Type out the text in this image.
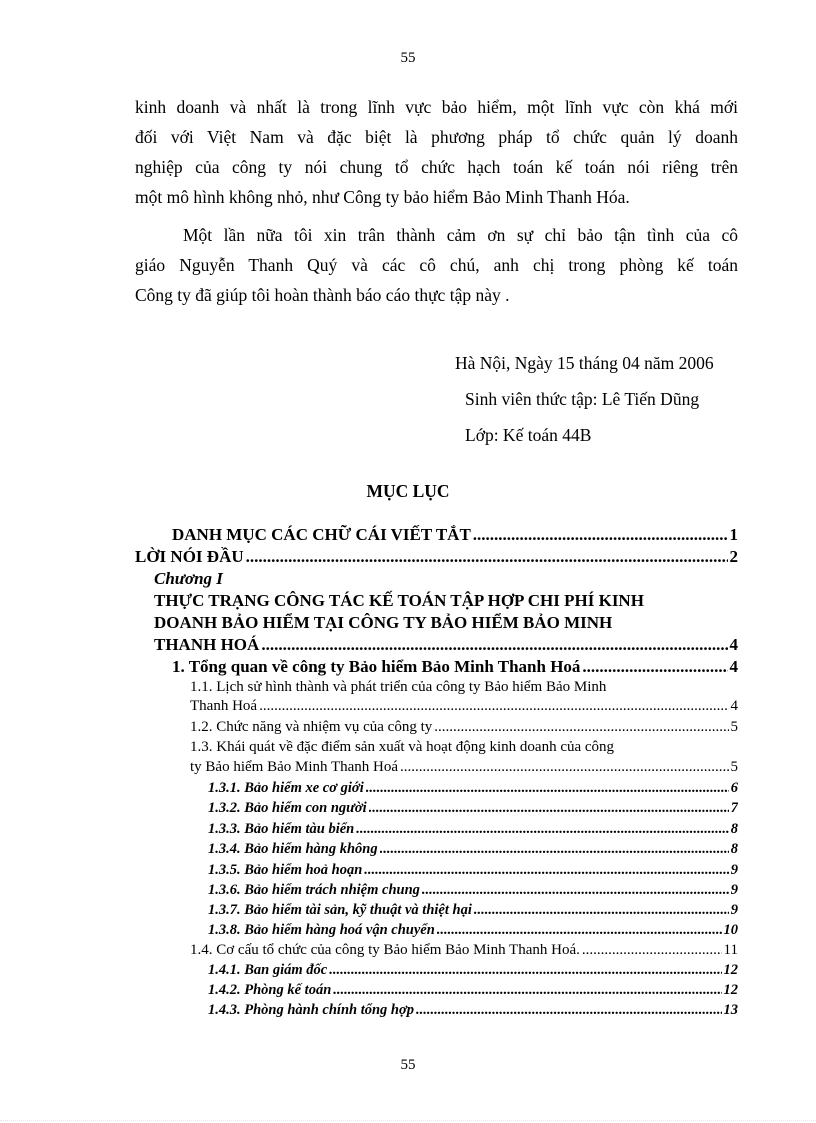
55
kinh doanh và nhất là trong lĩnh vực bảo hiểm, một lĩnh vực còn khá mới
đối với Việt Nam và đặc biệt là phương pháp tổ chức quản lý doanh
nghiệp của công ty nói chung tổ chức hạch toán kế toán nói riêng trên
một mô hình không nhỏ, như Công ty bảo hiểm Bảo Minh Thanh Hóa.
Một lần nữa tôi xin trân thành cảm ơn sự chỉ bảo tận tình của cô
giáo Nguyễn Thanh Quý và các cô chú, anh chị trong phòng kế toán
Công ty đã giúp tôi hoàn thành báo cáo thực tập này .
Hà Nội, Ngày 15 tháng 04 năm 2006
Sinh viên thức tập: Lê Tiến Dũng
Lớp: Kế toán 44B
MỤC LỤC
DANH MỤC CÁC CHỮ CÁI VIẾT TẮT .....	1
LỜI NÓI ĐẦU .....	2
Chương I
THỰC TRẠNG CÔNG TÁC KẾ TOÁN TẬP HỢP CHI PHÍ KINH
DOANH BẢO HIỂM TẠI CÔNG TY BẢO HIỂM BẢO MINH
THANH HOÁ .....	4
1. Tổng quan về công ty Bảo hiểm Bảo Minh Thanh Hoá .....	4
1.1. Lịch sử hình thành và phát triển của công ty Bảo hiểm Bảo Minh
Thanh Hoá .....	4
1.2. Chức năng và nhiệm vụ của công ty .....	5
1.3. Khái quát về đặc điểm sản xuất và hoạt động kinh doanh của công
ty Bảo hiểm Bảo Minh Thanh Hoá .....	5
1.3.1. Bảo hiểm xe cơ giới .....	6
1.3.2. Bảo hiểm con người .....	7
1.3.3. Bảo hiểm tàu biển .....	8
1.3.4. Bảo hiểm hàng không .....	8
1.3.5. Bảo hiểm hoả hoạn .....	9
1.3.6. Bảo hiểm trách nhiệm chung .....	9
1.3.7. Bảo hiểm tài sản, kỹ thuật và thiệt hại .....	9
1.3.8. Bảo hiểm hàng hoá vận chuyển .....	10
1.4. Cơ cấu tổ chức của công ty Bảo hiểm Bảo Minh Thanh Hoá. .....	11
1.4.1. Ban giám đốc .....	12
1.4.2. Phòng kế toán .....	12
1.4.3. Phòng hành chính tổng hợp .....	13
55
